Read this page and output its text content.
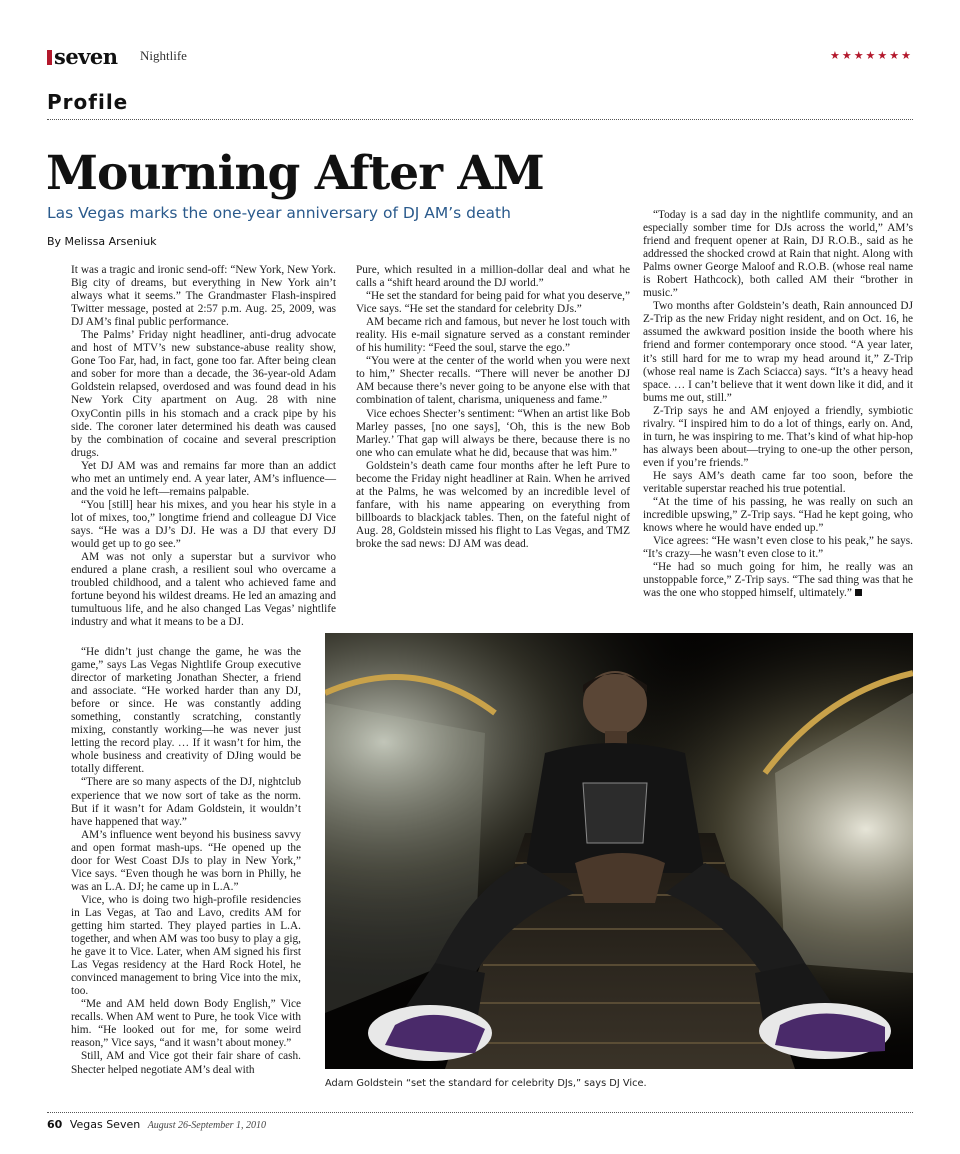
seven Nightlife	★★★★★★★
Profile
Mourning After AM
Las Vegas marks the one-year anniversary of DJ AM’s death
By Melissa Arseniuk

It was a tragic and ironic send-off: “New York, New York. Big city of dreams, but everything in New York ain’t always what it seems.” The Grandmaster Flash-inspired Twitter message, posted at 2:57 p.m. Aug. 25, 2009, was DJ AM’s final public performance.

The Palms’ Friday night headliner, anti-drug advocate and host of MTV’s new substance-abuse reality show, Gone Too Far, had, in fact, gone too far. After being clean and sober for more than a decade, the 36-year-old Adam Goldstein relapsed, overdosed and was found dead in his New York City apartment on Aug. 28 with nine OxyContin pills in his stomach and a crack pipe by his side. The coroner later determined his death was caused by the combination of cocaine and several prescription drugs.

Yet DJ AM was and remains far more than an addict who met an untimely end. A year later, AM’s influence—and the void he left—remains palpable.

“You [still] hear his mixes, and you hear his style in a lot of mixes, too,” longtime friend and colleague DJ Vice says. “He was a DJ’s DJ. He was a DJ that every DJ would get up to go see.”

AM was not only a superstar but a survivor who endured a plane crash, a resilient soul who overcame a troubled childhood, and a talent who achieved fame and fortune beyond his wildest dreams. He led an amazing and tumultuous life, and he also changed Las Vegas’ nightlife industry and what it means to be a DJ.

“He didn’t just change the game, he was the game,” says Las Vegas Nightlife Group executive director of marketing Jonathan Shecter, a friend and associate. “He worked harder than any DJ, before or since. He was constantly adding something, constantly scratching, constantly mixing, constantly working—he was never just letting the record play. … If it wasn’t for him, the whole business and creativity of DJing would be totally different.

“There are so many aspects of the DJ, nightclub experience that we now sort of take as the norm. But if it wasn’t for Adam Goldstein, it wouldn’t have happened that way.”

AM’s influence went beyond his business savvy and open format mash-ups. “He opened up the door for West Coast DJs to play in New York,” Vice says. “Even though he was born in Philly, he was an L.A. DJ; he came up in L.A.”

Vice, who is doing two high-profile residencies in Las Vegas, at Tao and Lavo, credits AM for getting him started. They played parties in L.A. together, and when AM was too busy to play a gig, he gave it to Vice. Later, when AM signed his first Las Vegas residency at the Hard Rock Hotel, he convinced management to bring Vice into the mix, too.

“Me and AM held down Body English,” Vice recalls. When AM went to Pure, he took Vice with him. “He looked out for me, for some weird reason,” Vice says, “and it wasn’t about money.”

Still, AM and Vice got their fair share of cash. Shecter helped negotiate AM’s deal with

Pure, which resulted in a million-dollar deal and what he calls a “shift heard around the DJ world.”

“He set the standard for being paid for what you deserve,” Vice says. “He set the standard for celebrity DJs.”

AM became rich and famous, but never he lost touch with reality. His e-mail signature served as a constant reminder of his humility: “Feed the soul, starve the ego.”

“You were at the center of the world when you were next to him,” Shecter recalls. “There will never be another DJ AM because there’s never going to be anyone else with that combination of talent, charisma, uniqueness and fame.”

Vice echoes Shecter’s sentiment: “When an artist like Bob Marley passes, [no one says], ‘Oh, this is the new Bob Marley.’ That gap will always be there, because there is no one who can emulate what he did, because that was him.”

Goldstein’s death came four months after he left Pure to become the Friday night headliner at Rain. When he arrived at the Palms, he was welcomed by an incredible level of fanfare, with his name appearing on everything from billboards to blackjack tables. Then, on the fateful night of Aug. 28, Goldstein missed his flight to Las Vegas, and TMZ broke the sad news: DJ AM was dead.

“Today is a sad day in the nightlife community, and an especially somber time for DJs across the world,” AM’s friend and frequent opener at Rain, DJ R.O.B., said as he addressed the shocked crowd at Rain that night. Along with Palms owner George Maloof and R.O.B. (whose real name is Robert Hathcock), both called AM their “brother in music.”

Two months after Goldstein’s death, Rain announced DJ Z-Trip as the new Friday night resident, and on Oct. 16, he assumed the awkward position inside the booth where his friend and former contemporary once stood. “A year later, it’s still hard for me to wrap my head around it,” Z-Trip (whose real name is Zach Sciacca) says. “It’s a heavy head space. … I can’t believe that it went down like it did, and it bums me out, still.”

Z-Trip says he and AM enjoyed a friendly, symbiotic rivalry. “I inspired him to do a lot of things, early on. And, in turn, he was inspiring to me. That’s kind of what hip-hop has always been about—trying to one-up the other person, even if you’re friends.”

He says AM’s death came far too soon, before the veritable superstar reached his true potential.

“At the time of his passing, he was really on such an incredible upswing,” Z-Trip says. “Had he kept going, who knows where he would have ended up.”

Vice agrees: “He wasn’t even close to his peak,” he says. “It’s crazy—he wasn’t even close to it.”

“He had so much going for him, he really was an unstoppable force,” Z-Trip says. “The sad thing was that he was the one who stopped himself, ultimately.”

Adam Goldstein “set the standard for celebrity DJs,” says DJ Vice.
60 Vegas Seven August 26-September 1, 2010
